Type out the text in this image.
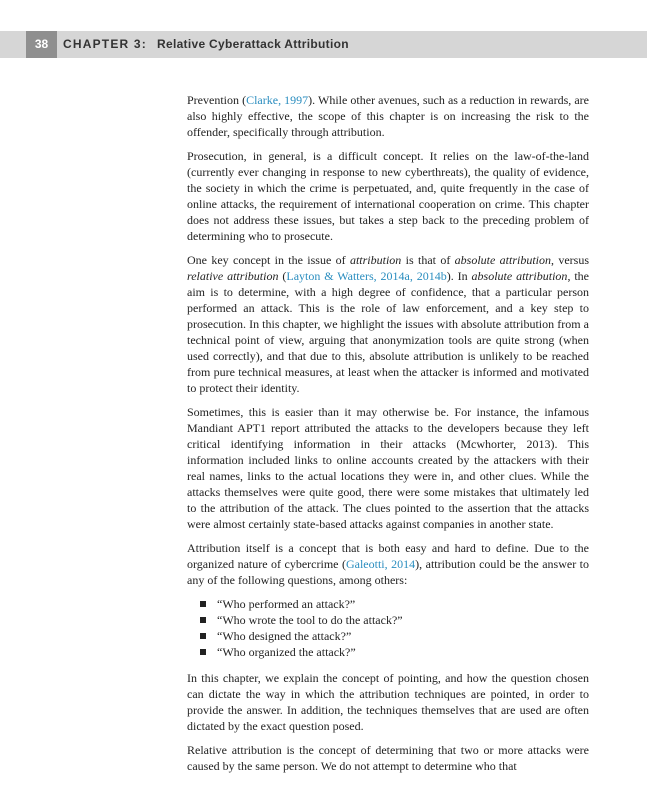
38	CHAPTER 3: Relative Cyberattack Attribution

Prevention (Clarke, 1997). While other avenues, such as a reduction in rewards, are also highly effective, the scope of this chapter is on increasing the risk to the offender, specifically through attribution.

Prosecution, in general, is a difficult concept. It relies on the law-of-the-land (currently ever changing in response to new cyberthreats), the quality of evidence, the society in which the crime is perpetuated, and, quite frequently in the case of online attacks, the requirement of international cooperation on crime. This chapter does not address these issues, but takes a step back to the preceding problem of determining who to prosecute.

One key concept in the issue of attribution is that of absolute attribution, versus relative attribution (Layton & Watters, 2014a, 2014b). In absolute attribution, the aim is to determine, with a high degree of confidence, that a particular person performed an attack. This is the role of law enforcement, and a key step to prosecution. In this chapter, we highlight the issues with absolute attribution from a technical point of view, arguing that anonymization tools are quite strong (when used correctly), and that due to this, absolute attribution is unlikely to be reached from pure technical measures, at least when the attacker is informed and motivated to protect their identity.

Sometimes, this is easier than it may otherwise be. For instance, the infamous Mandiant APT1 report attributed the attacks to the developers because they left critical identifying information in their attacks (Mcwhorter, 2013). This information included links to online accounts created by the attackers with their real names, links to the actual locations they were in, and other clues. While the attacks themselves were quite good, there were some mistakes that ultimately led to the attribution of the attack. The clues pointed to the assertion that the attacks were almost certainly state-based attacks against companies in another state.

Attribution itself is a concept that is both easy and hard to define. Due to the organized nature of cybercrime (Galeotti, 2014), attribution could be the answer to any of the following questions, among others:

“Who performed an attack?”
“Who wrote the tool to do the attack?”
“Who designed the attack?”
“Who organized the attack?”

In this chapter, we explain the concept of pointing, and how the question chosen can dictate the way in which the attribution techniques are pointed, in order to provide the answer. In addition, the techniques themselves that are used are often dictated by the exact question posed.

Relative attribution is the concept of determining that two or more attacks were caused by the same person. We do not attempt to determine who that
